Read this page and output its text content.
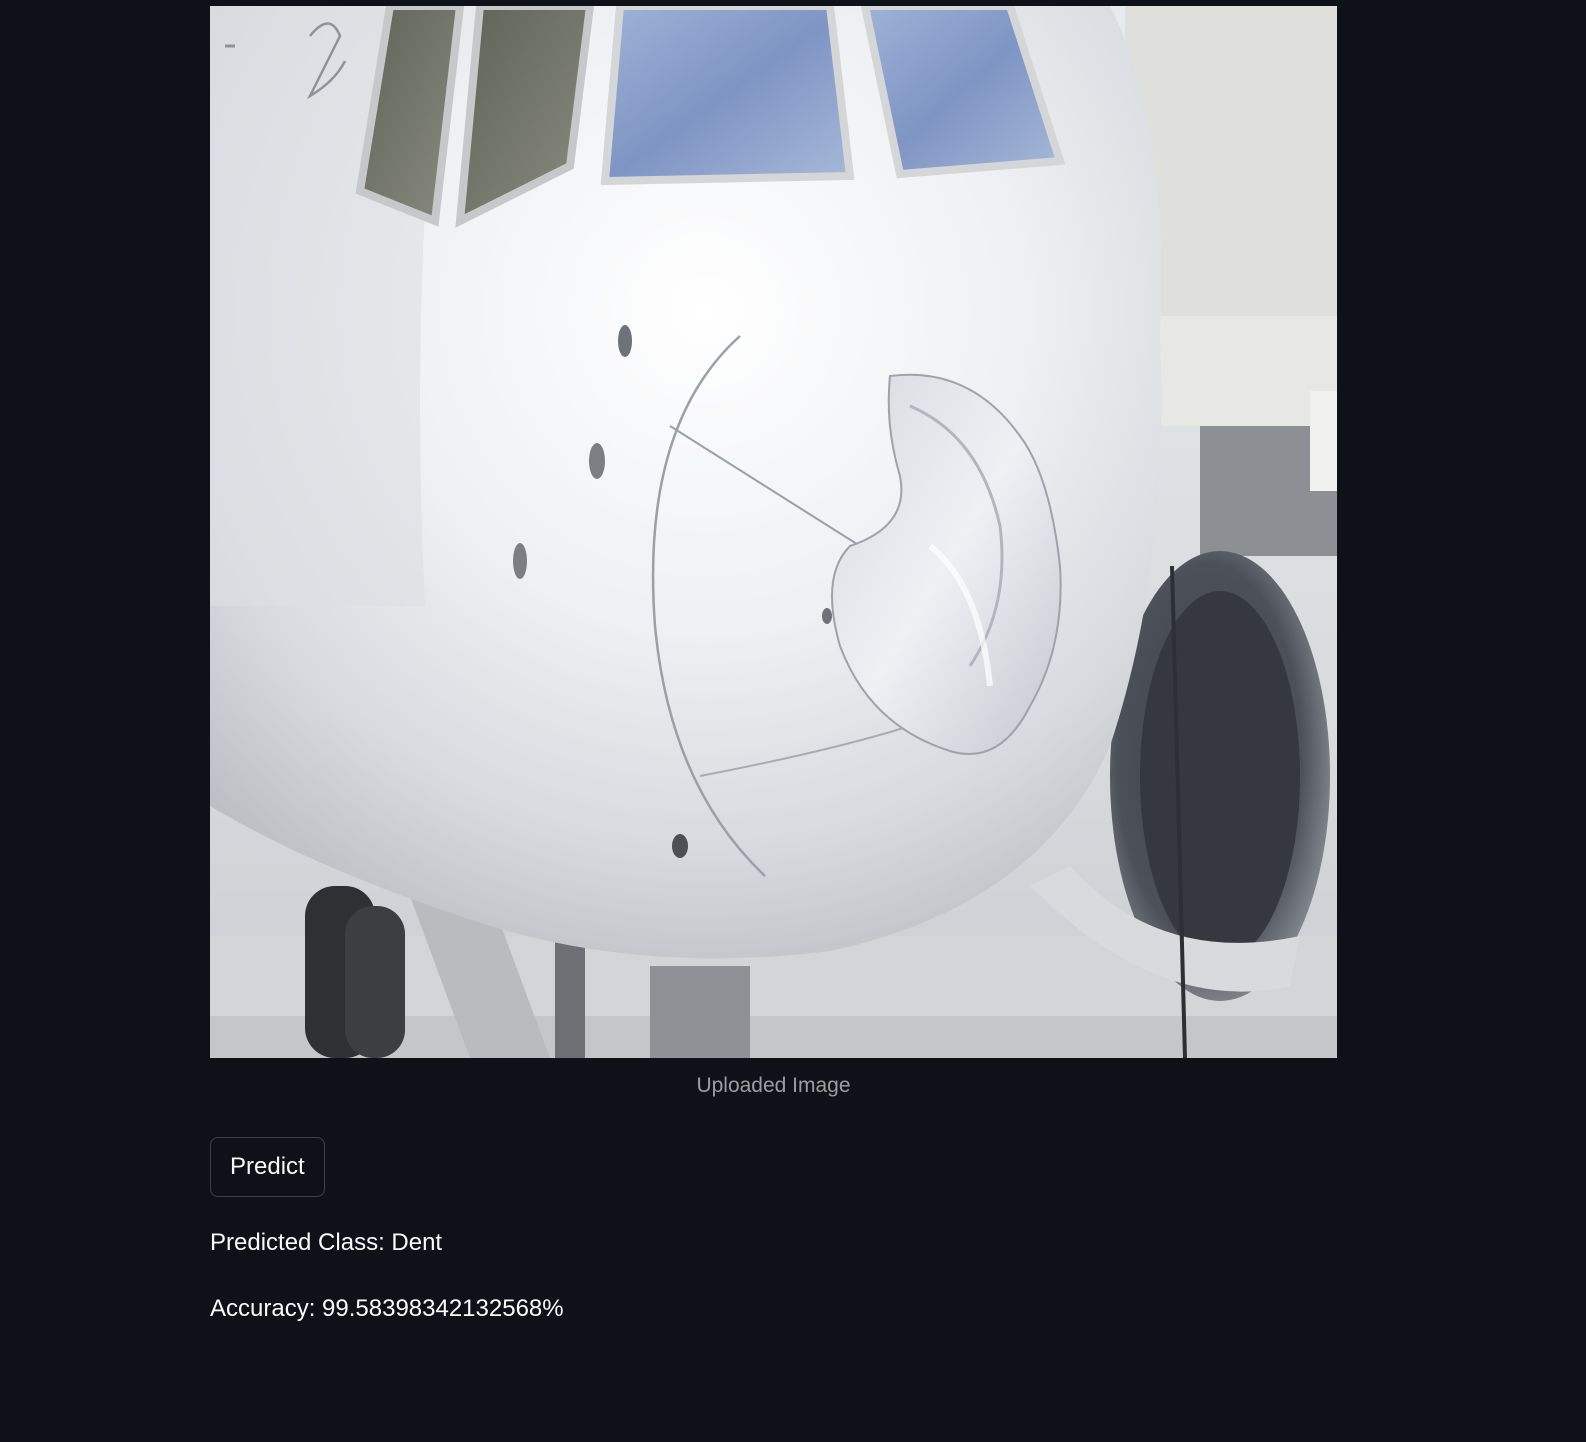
Uploaded Image
Predict
Predicted Class: Dent
Accuracy: 99.58398342132568%
